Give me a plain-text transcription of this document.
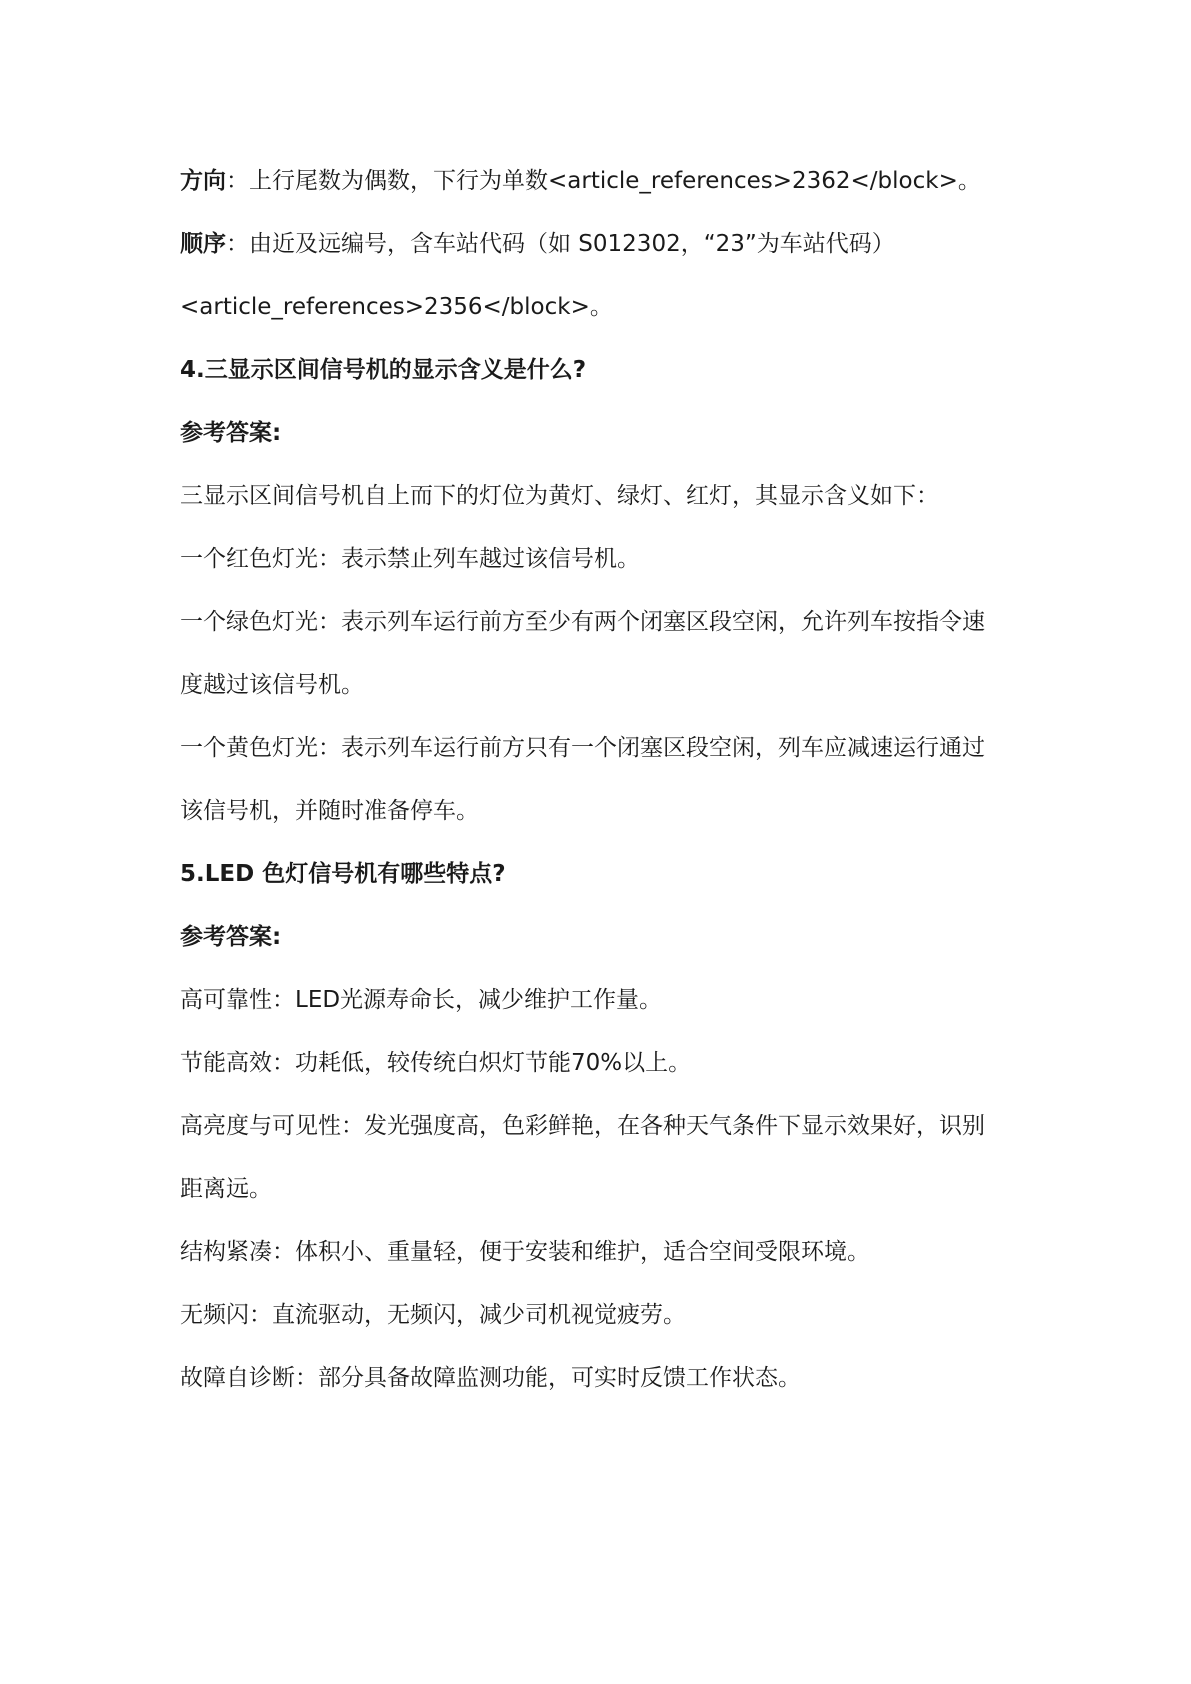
方向：上行尾数为偶数，下行为单数<article_references>2362</block>。
顺序：由近及远编号，含车站代码（如 S012302，“23”为车站代码）
<article_references>2356</block>。
4.三显示区间信号机的显示含义是什么?
参考答案:
三显示区间信号机自上而下的灯位为黄灯、绿灯、红灯，其显示含义如下：
一个红色灯光：表示禁止列车越过该信号机。
一个绿色灯光：表示列车运行前方至少有两个闭塞区段空闲，允许列车按指令速
度越过该信号机。
一个黄色灯光：表示列车运行前方只有一个闭塞区段空闲，列车应减速运行通过
该信号机，并随时准备停车。
5.LED 色灯信号机有哪些特点?
参考答案:
高可靠性：LED光源寿命长，减少维护工作量。
节能高效：功耗低，较传统白炽灯节能70%以上。
高亮度与可见性：发光强度高，色彩鲜艳，在各种天气条件下显示效果好，识别
距离远。
结构紧凑：体积小、重量轻，便于安装和维护，适合空间受限环境。
无频闪：直流驱动，无频闪，减少司机视觉疲劳。
故障自诊断：部分具备故障监测功能，可实时反馈工作状态。
